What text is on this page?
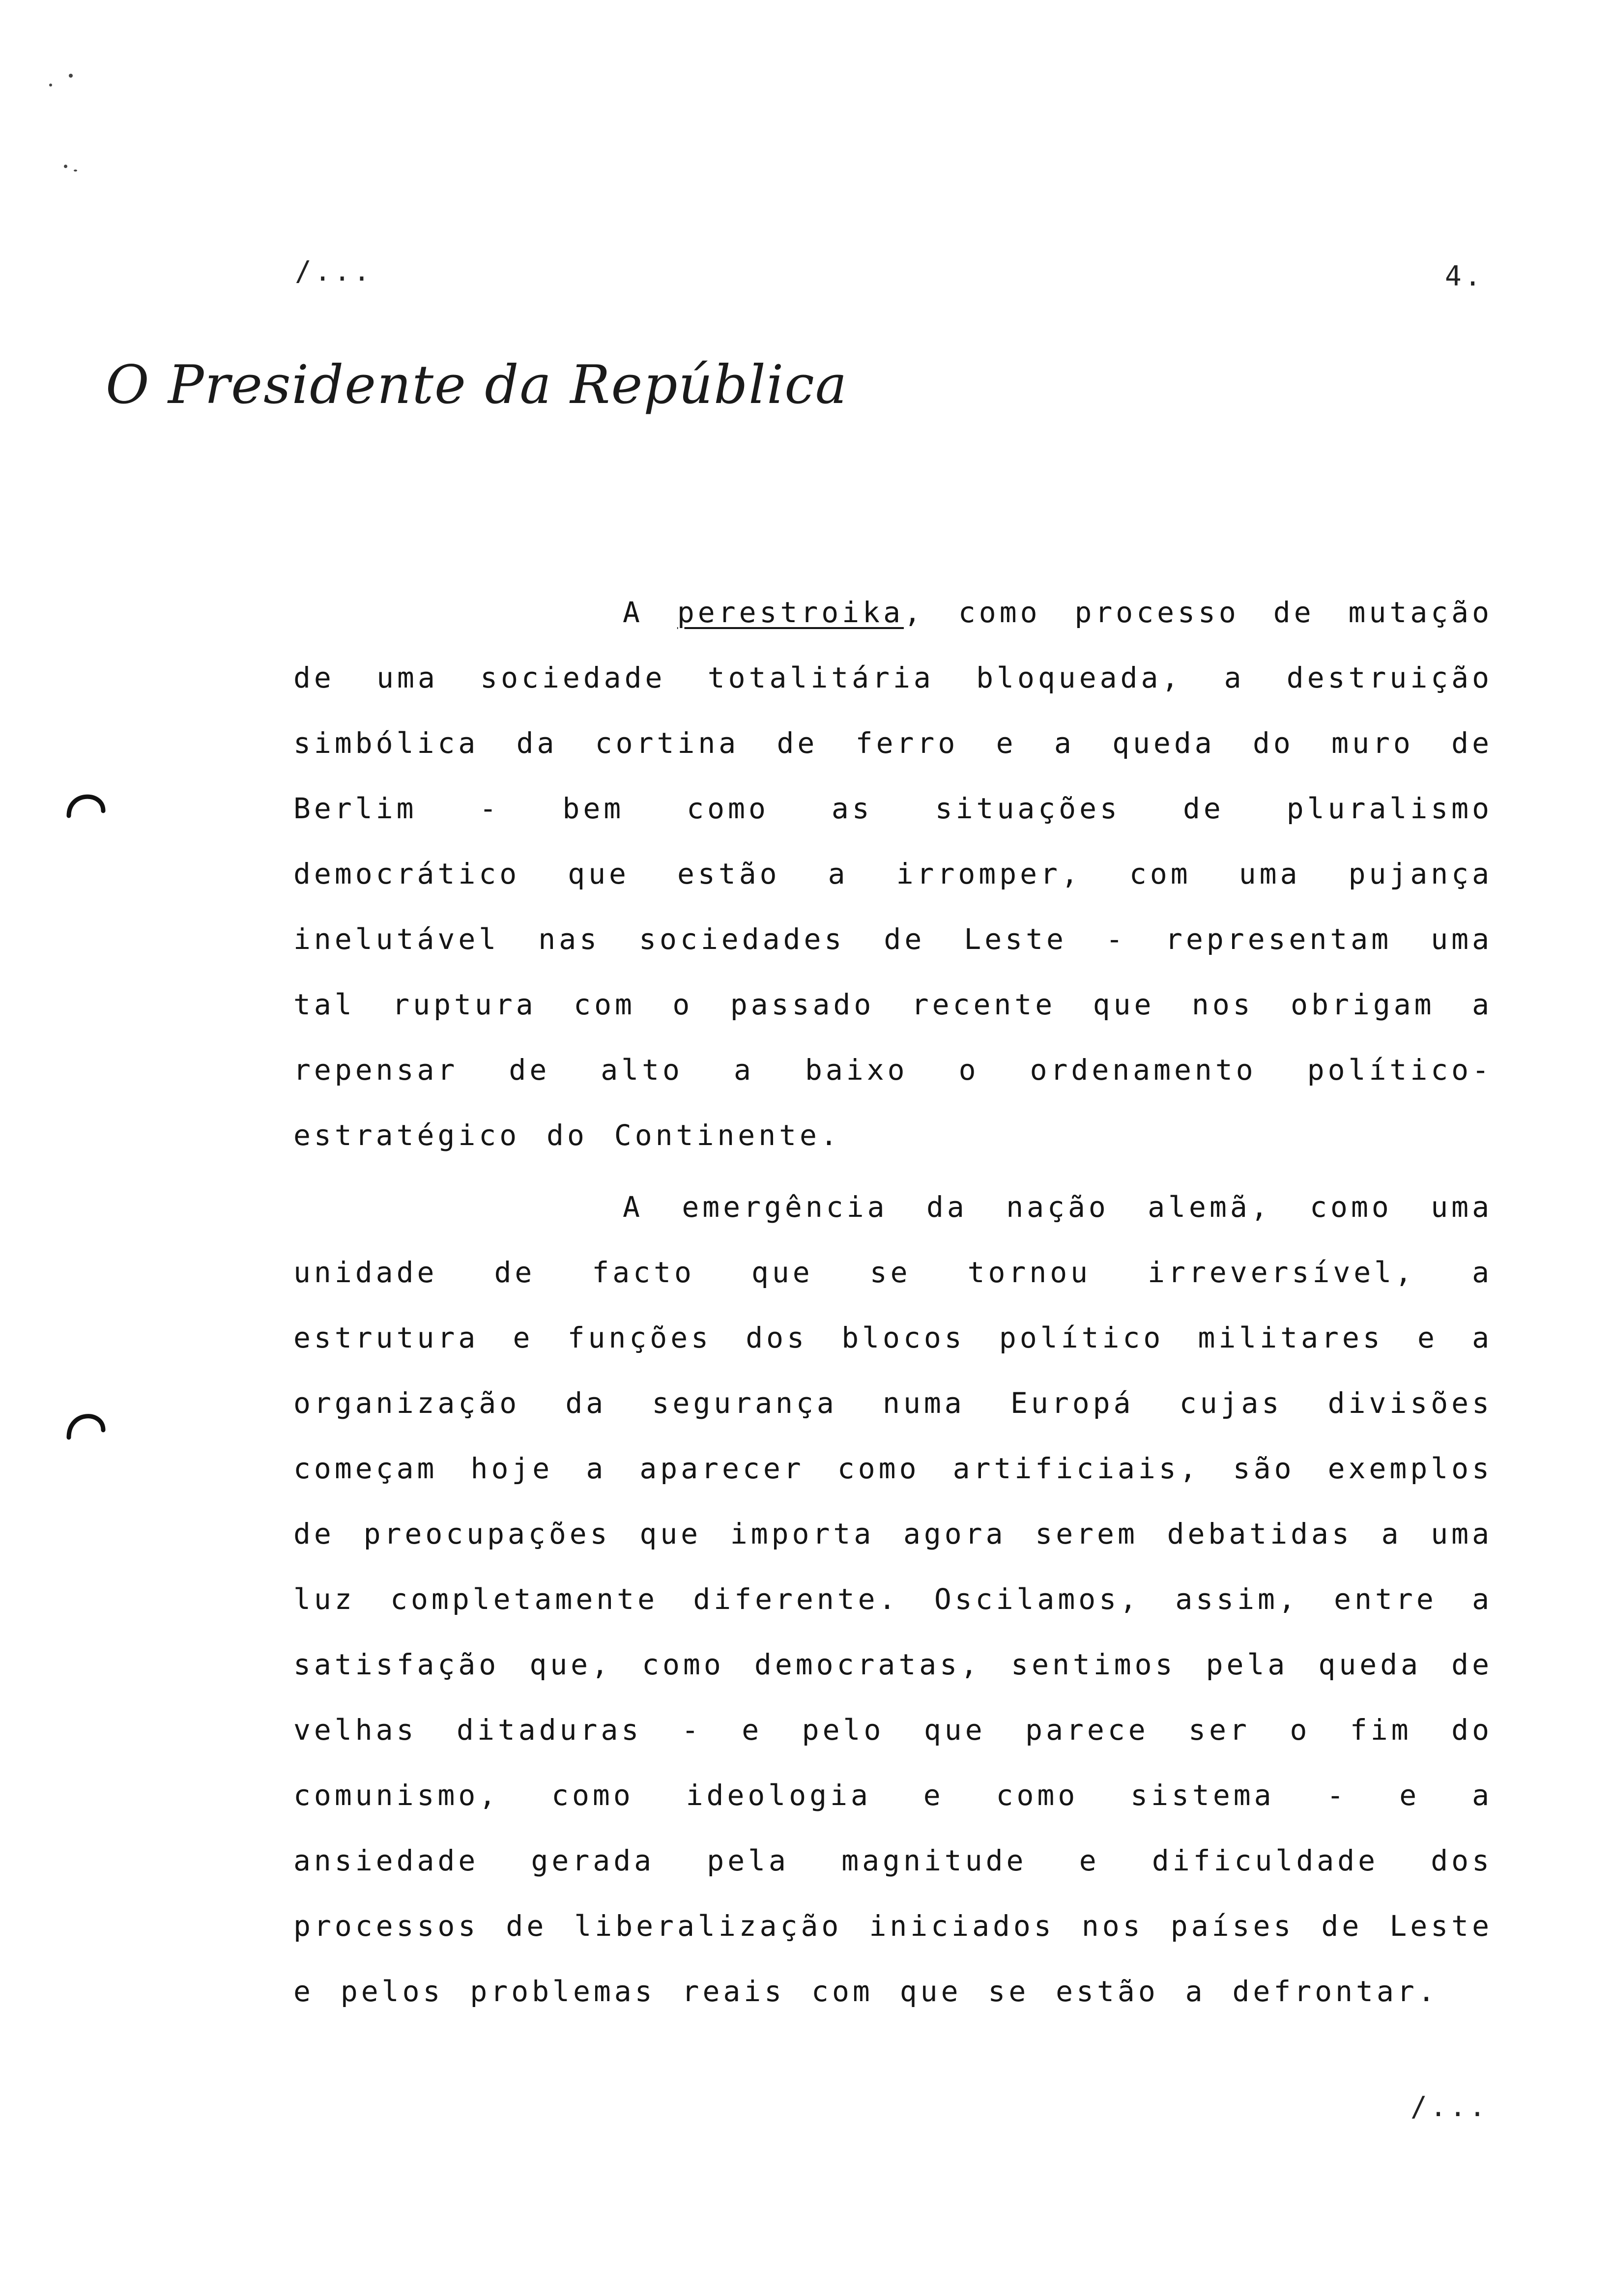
/...	4.
O Presidente da República

A perestroika, como processo de mutação de uma sociedade totalitária bloqueada, a destruição simbólica da cortina de ferro e a queda do muro de Berlim - bem como as situações de pluralismo democrático que estão a irromper, com uma pujança inelutável nas sociedades de Leste - representam uma tal ruptura com o passado recente que nos obrigam a repensar de alto a baixo o ordenamento político-estratégico do Continente.

A emergência da nação alemã, como uma unidade de facto que se tornou irreversível, a estrutura e funções dos blocos político militares e a organização da segurança numa Europá cujas divisões começam hoje a aparecer como artificiais, são exemplos de preocupações que importa agora serem debatidas a uma luz completamente diferente. Oscilamos, assim, entre a satisfação que, como democratas, sentimos pela queda de velhas ditaduras - e pelo que parece ser o fim do comunismo, como ideologia e como sistema - e a ansiedade gerada pela magnitude e dificuldade dos processos de liberalização iniciados nos países de Leste e pelos problemas reais com que se estão a defrontar.

/...
